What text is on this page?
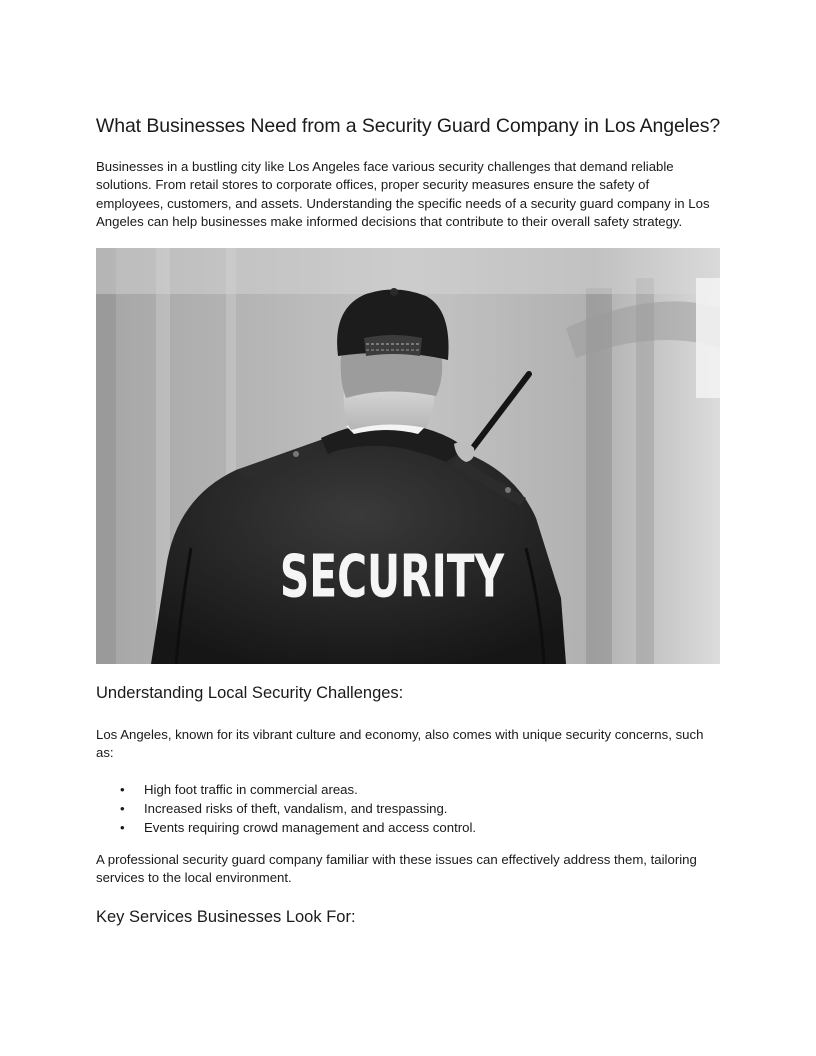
What Businesses Need from a Security Guard Company in Los Angeles?

Businesses in a bustling city like Los Angeles face various security challenges that demand reliable solutions. From retail stores to corporate offices, proper security measures ensure the safety of employees, customers, and assets. Understanding the specific needs of a security guard company in Los Angeles can help businesses make informed decisions that contribute to their overall safety strategy.

SECURITY
Understanding Local Security Challenges:

Los Angeles, known for its vibrant culture and economy, also comes with unique security concerns, such as:

• High foot traffic in commercial areas.
• Increased risks of theft, vandalism, and trespassing.
• Events requiring crowd management and access control.

A professional security guard company familiar with these issues can effectively address them, tailoring services to the local environment.

Key Services Businesses Look For:
